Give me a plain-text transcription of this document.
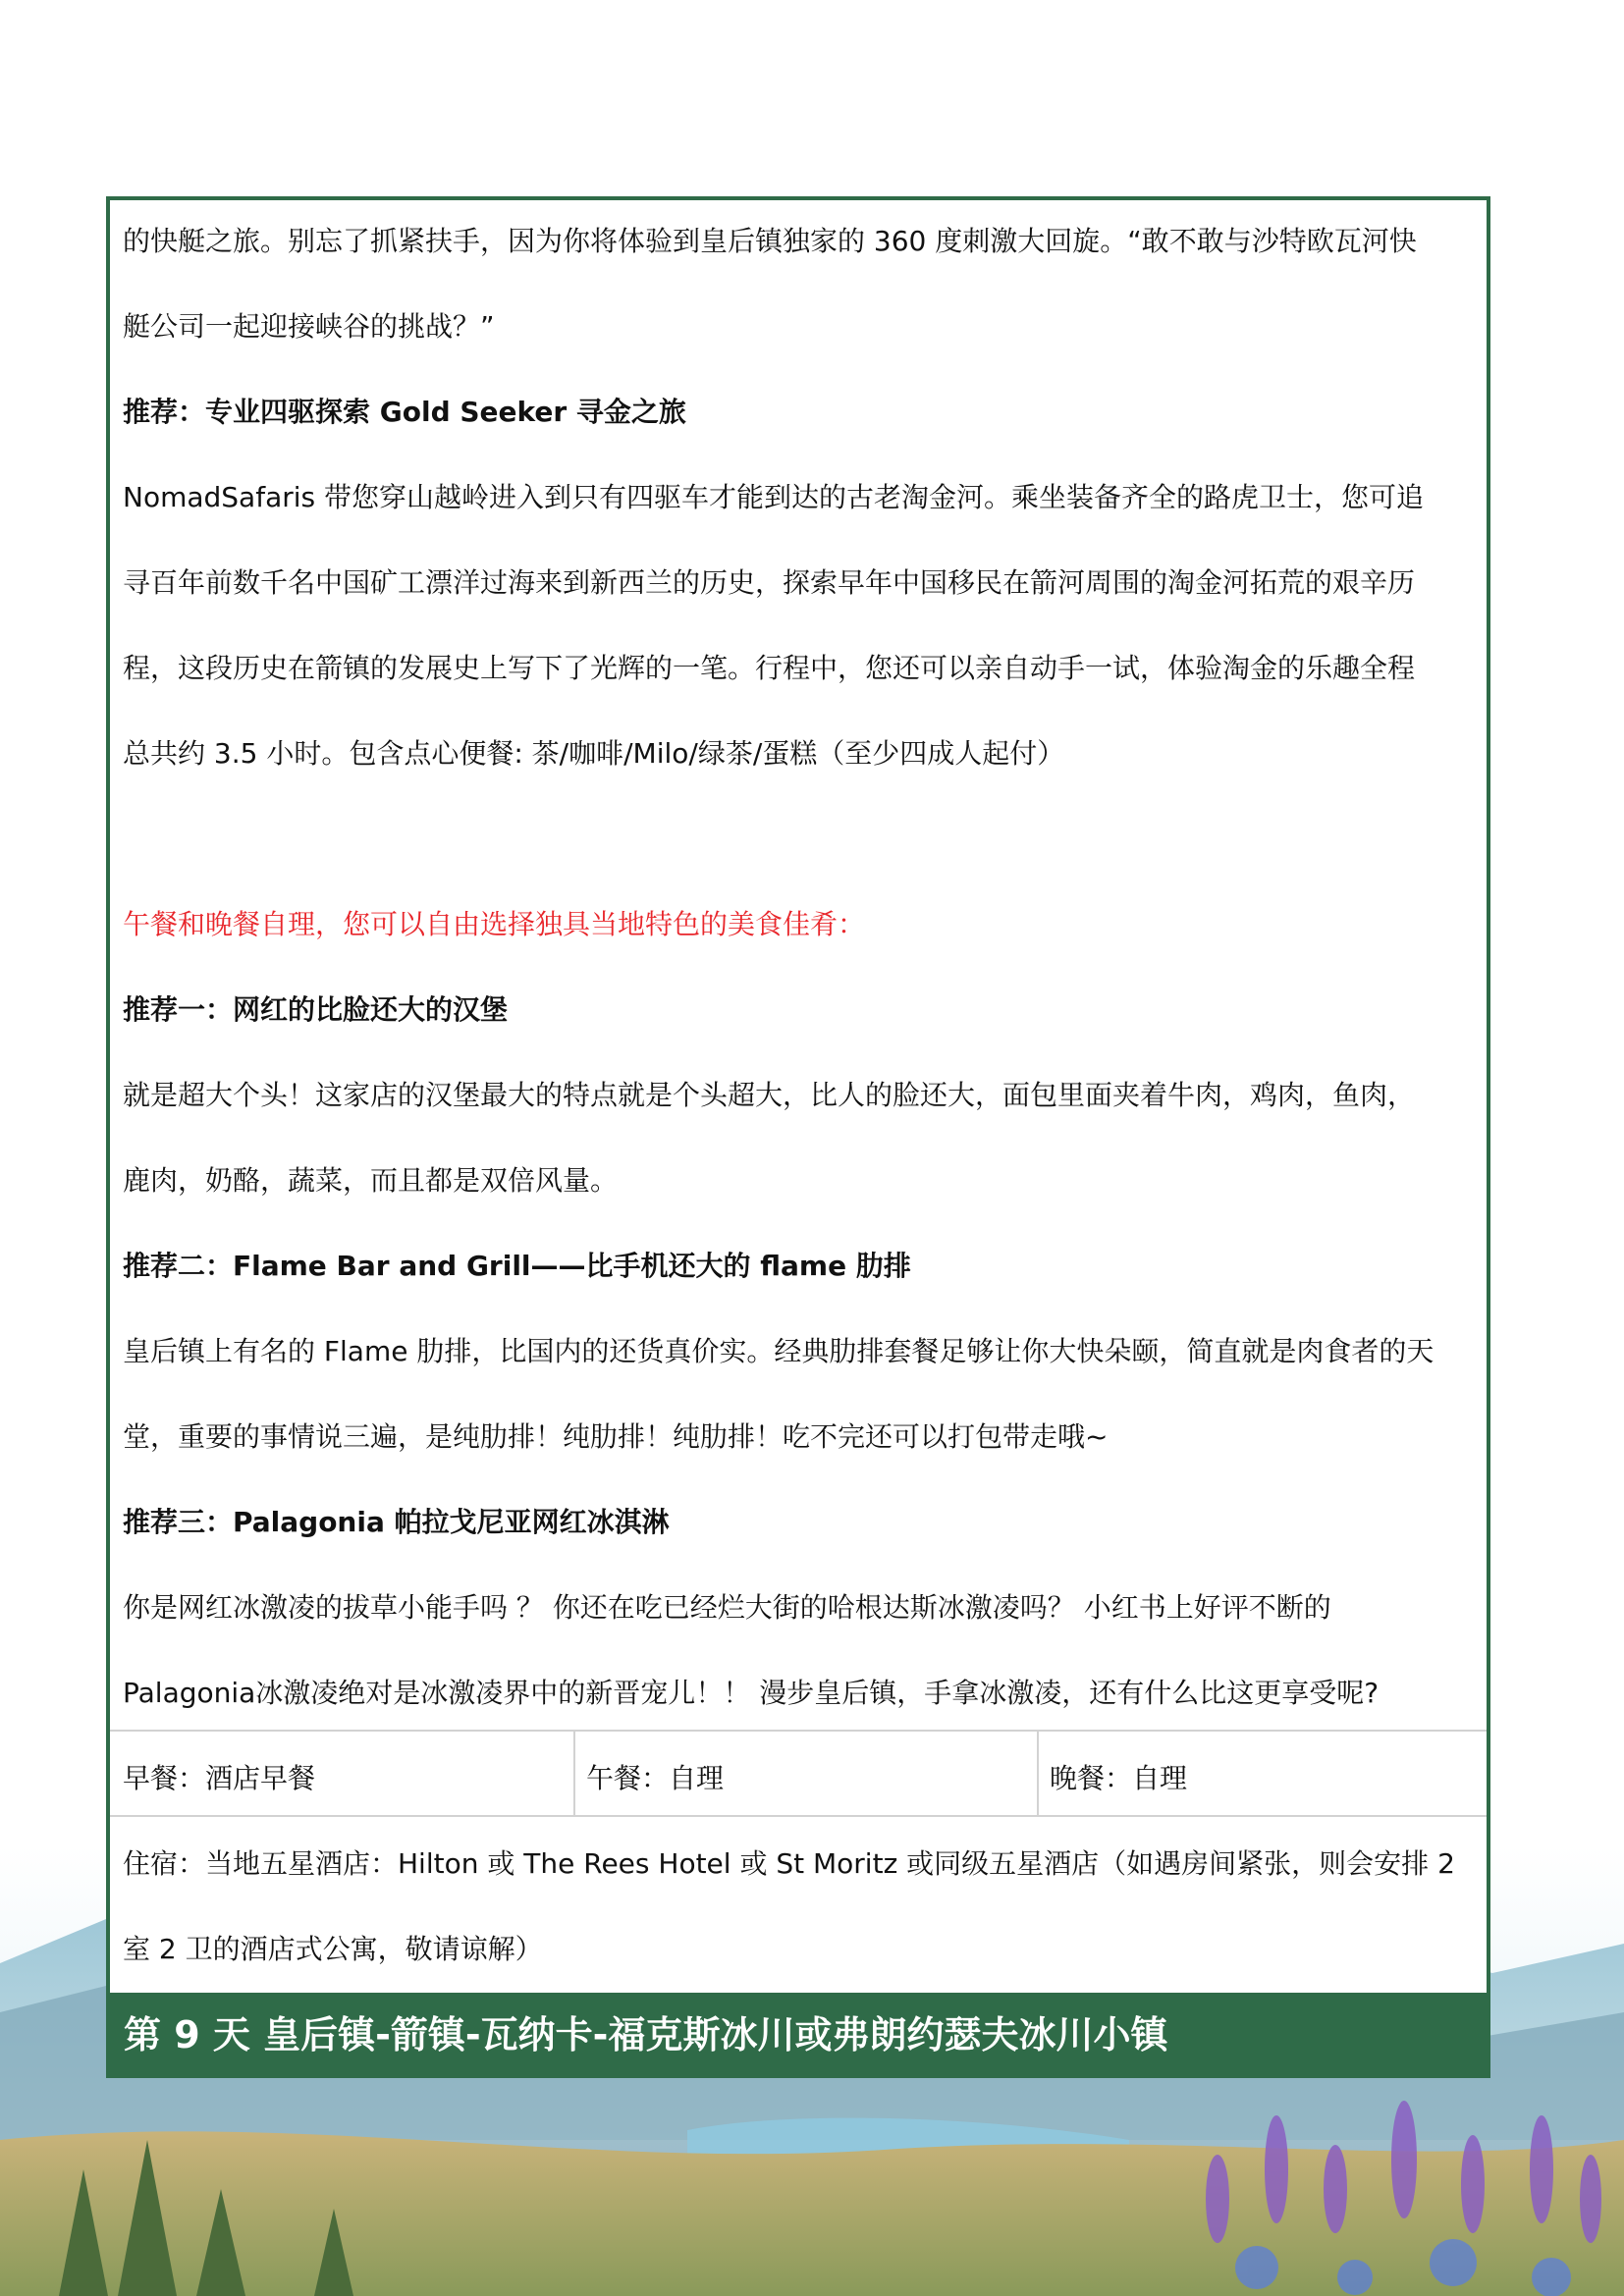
的快艇之旅。别忘了抓紧扶手，因为你将体验到皇后镇独家的 360 度刺激大回旋。“敢不敢与沙特欧瓦河快
艇公司一起迎接峡谷的挑战？”
推荐：专业四驱探索 Gold Seeker 寻金之旅
NomadSafaris 带您穿山越岭进入到只有四驱车才能到达的古老淘金河。乘坐装备齐全的路虎卫士，您可追
寻百年前数千名中国矿工漂洋过海来到新西兰的历史，探索早年中国移民在箭河周围的淘金河拓荒的艰辛历
程，这段历史在箭镇的发展史上写下了光辉的一笔。行程中，您还可以亲自动手一试，体验淘金的乐趣全程
总共约 3.5 小时。包含点心便餐: 茶/咖啡/Milo/绿茶/蛋糕（至少四成人起付）
午餐和晚餐自理，您可以自由选择独具当地特色的美食佳肴：
推荐一：网红的比脸还大的汉堡
就是超大个头！这家店的汉堡最大的特点就是个头超大，比人的脸还大，面包里面夹着牛肉，鸡肉，鱼肉，
鹿肉，奶酪，蔬菜，而且都是双倍风量。
推荐二：Flame Bar and Grill——比手机还大的 flame 肋排
皇后镇上有名的 Flame 肋排，比国内的还货真价实。经典肋排套餐足够让你大快朵颐，简直就是肉食者的天
堂，重要的事情说三遍，是纯肋排！纯肋排！纯肋排！吃不完还可以打包带走哦~
推荐三：Palagonia 帕拉戈尼亚网红冰淇淋
你是网红冰激凌的拔草小能手吗 ？ 你还在吃已经烂大街的哈根达斯冰激凌吗？ 小红书上好评不断的
Palagonia冰激凌绝对是冰激凌界中的新晋宠儿！！ 漫步皇后镇，手拿冰激凌，还有什么比这更享受呢?
早餐：酒店早餐	午餐：自理	晚餐：自理
住宿：当地五星酒店：Hilton 或 The Rees Hotel 或 St Moritz 或同级五星酒店（如遇房间紧张，则会安排 2
室 2 卫的酒店式公寓，敬请谅解）
第 9 天 皇后镇-箭镇-瓦纳卡-福克斯冰川或弗朗约瑟夫冰川小镇
